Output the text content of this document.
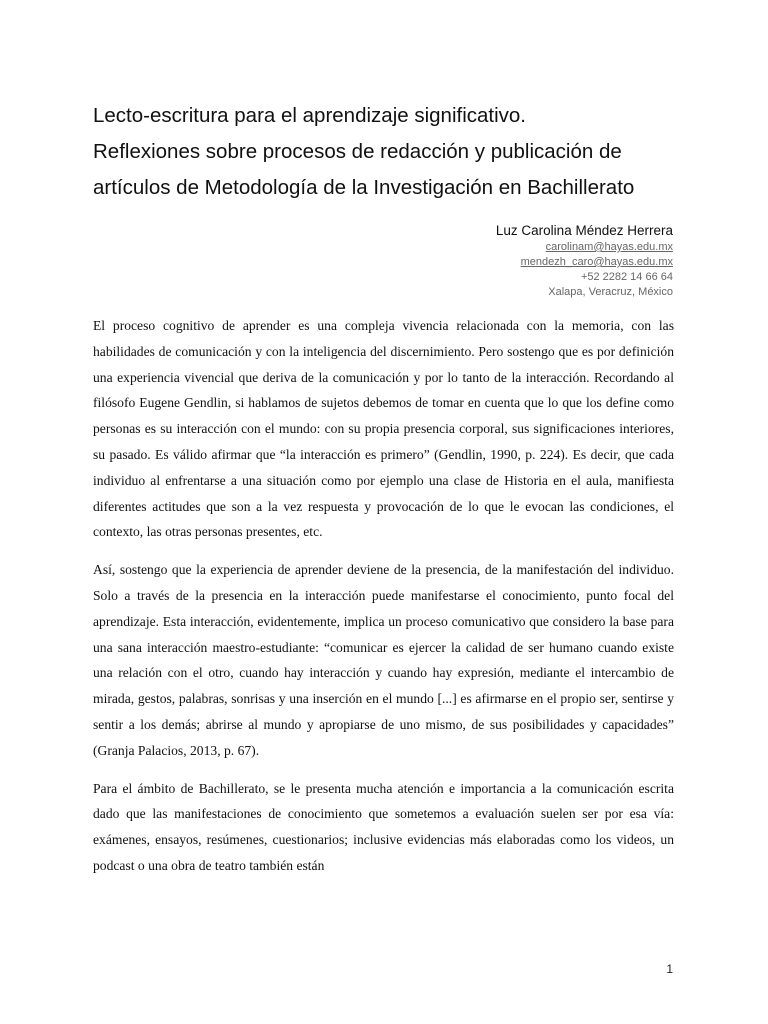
Lecto-escritura para el aprendizaje significativo.
Reflexiones sobre procesos de redacción y publicación de
artículos de Metodología de la Investigación en Bachillerato
Luz Carolina Méndez Herrera
carolinam@hayas.edu.mx
mendezh_caro@hayas.edu.mx
+52 2282 14 66 64
Xalapa, Veracruz, México

El proceso cognitivo de aprender es una compleja vivencia relacionada con la memoria, con las habilidades de comunicación y con la inteligencia del discernimiento. Pero sostengo que es por definición una experiencia vivencial que deriva de la comunicación y por lo tanto de la interacción. Recordando al filósofo Eugene Gendlin, si hablamos de sujetos debemos de tomar en cuenta que lo que los define como personas es su interacción con el mundo: con su propia presencia corporal, sus significaciones interiores, su pasado. Es válido afirmar que “la interacción es primero” (Gendlin, 1990, p. 224). Es decir, que cada individuo al enfrentarse a una situación como por ejemplo una clase de Historia en el aula, manifiesta diferentes actitudes que son a la vez respuesta y provocación de lo que le evocan las condiciones, el contexto, las otras personas presentes, etc.

Así, sostengo que la experiencia de aprender deviene de la presencia, de la manifestación del individuo. Solo a través de la presencia en la interacción puede manifestarse el conocimiento, punto focal del aprendizaje. Esta interacción, evidentemente, implica un proceso comunicativo que considero la base para una sana interacción maestro-estudiante: “comunicar es ejercer la calidad de ser humano cuando existe una relación con el otro, cuando hay interacción y cuando hay expresión, mediante el intercambio de mirada, gestos, palabras, sonrisas y una inserción en el mundo [...] es afirmarse en el propio ser, sentirse y sentir a los demás; abrirse al mundo y apropiarse de uno mismo, de sus posibilidades y capacidades” (Granja Palacios, 2013, p. 67).

Para el ámbito de Bachillerato, se le presenta mucha atención e importancia a la comunicación escrita dado que las manifestaciones de conocimiento que sometemos a evaluación suelen ser por esa vía: exámenes, ensayos, resúmenes, cuestionarios; inclusive evidencias más elaboradas como los videos, un podcast o una obra de teatro también están

1
